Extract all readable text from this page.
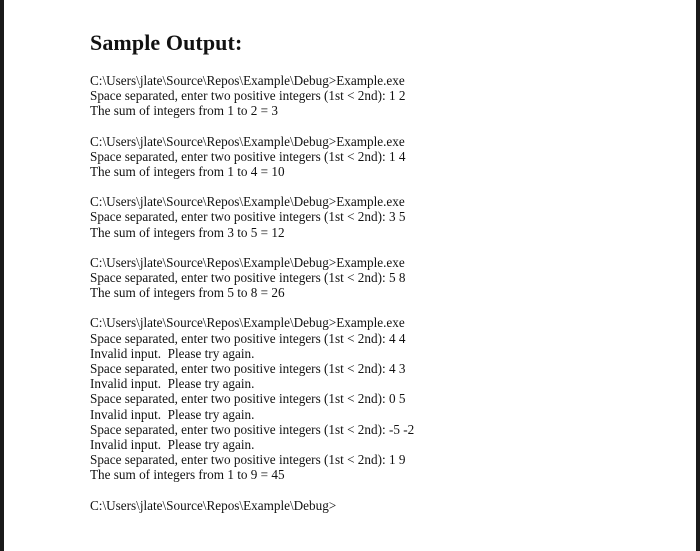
Sample Output:
C:\Users\jlate\Source\Repos\Example\Debug>Example.exe
Space separated, enter two positive integers (1st < 2nd): 1 2
The sum of integers from 1 to 2 = 3
C:\Users\jlate\Source\Repos\Example\Debug>Example.exe
Space separated, enter two positive integers (1st < 2nd): 1 4
The sum of integers from 1 to 4 = 10
C:\Users\jlate\Source\Repos\Example\Debug>Example.exe
Space separated, enter two positive integers (1st < 2nd): 3 5
The sum of integers from 3 to 5 = 12
C:\Users\jlate\Source\Repos\Example\Debug>Example.exe
Space separated, enter two positive integers (1st < 2nd): 5 8
The sum of integers from 5 to 8 = 26
C:\Users\jlate\Source\Repos\Example\Debug>Example.exe
Space separated, enter two positive integers (1st < 2nd): 4 4
Invalid input.  Please try again.
Space separated, enter two positive integers (1st < 2nd): 4 3
Invalid input.  Please try again.
Space separated, enter two positive integers (1st < 2nd): 0 5
Invalid input.  Please try again.
Space separated, enter two positive integers (1st < 2nd): -5 -2
Invalid input.  Please try again.
Space separated, enter two positive integers (1st < 2nd): 1 9
The sum of integers from 1 to 9 = 45
C:\Users\jlate\Source\Repos\Example\Debug>
